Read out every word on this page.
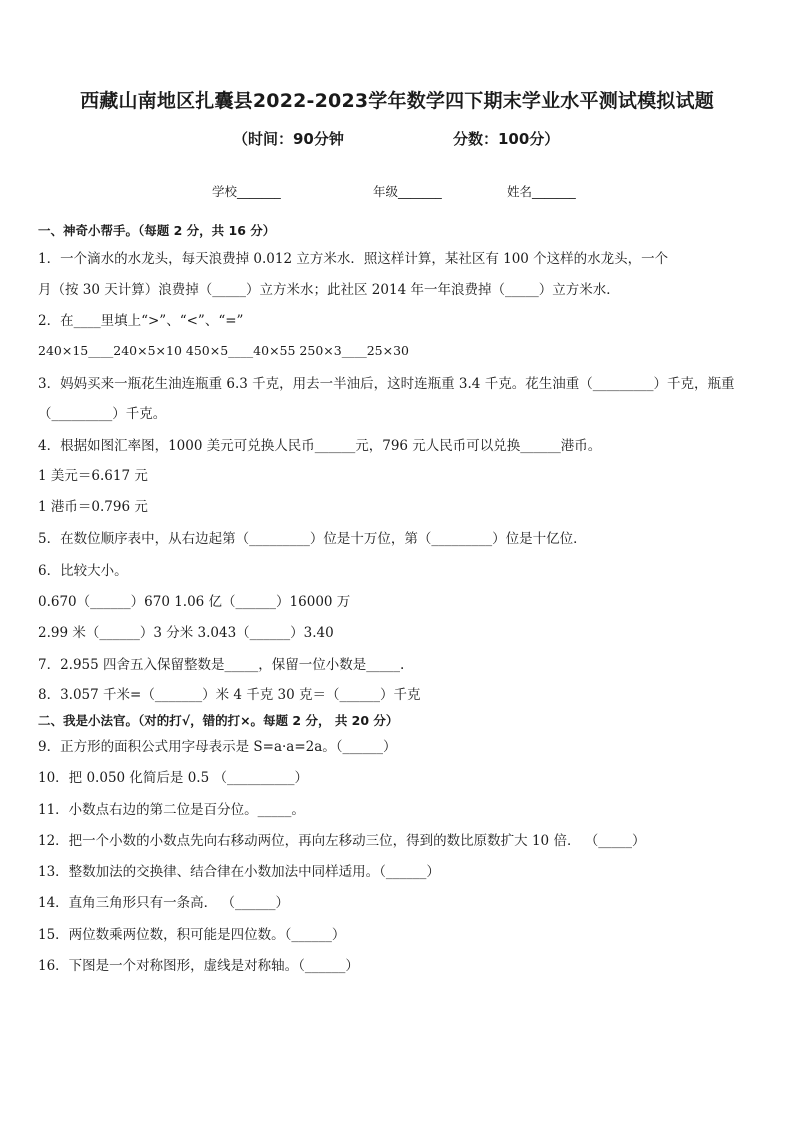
西藏山南地区扎囊县2022-2023学年数学四下期末学业水平测试模拟试题
（时间：90分钟	分数：100分）
学校_______	年级_______	姓名_______
一、神奇小帮手。（每题 2 分，共 16 分）
1．一个滴水的水龙头，每天浪费掉 0.012 立方米水．照这样计算，某社区有 100 个这样的水龙头，一个
月（按 30 天计算）浪费掉（_____）立方米水；此社区 2014 年一年浪费掉（_____）立方米水．
2．在____里填上“>”、“<”、“=”
240×15____240×5×10 450×5____40×55 250×3____25×30
3．妈妈买来一瓶花生油连瓶重 6.3 千克，用去一半油后，这时连瓶重 3.4 千克。花生油重（_________）千克，瓶重
（_________）千克。
4．根据如图汇率图，1000 美元可兑换人民币______元，796 元人民币可以兑换______港币。
1 美元＝6.617 元
1 港币＝0.796 元
5．在数位顺序表中，从右边起第（_________）位是十万位，第（_________）位是十亿位．
6．比较大小。
0.670（______）670 1.06 亿（______）16000 万
2.99 米（______）3 分米 3.043（______）3.40
7．2.955 四舍五入保留整数是_____，保留一位小数是_____.
8．3.057 千米=（_______）米 4 千克 30 克＝（______）千克
二、我是小法官。（对的打√，错的打×。每题 2 分， 共 20 分）
9．正方形的面积公式用字母表示是 S=a·a=2a。（______）
10．把 0.050 化简后是 0.5 （__________）
11．小数点右边的第二位是百分位。_____。
12．把一个小数的小数点先向右移动两位，再向左移动三位，得到的数比原数扩大 10 倍． （_____）
13．整数加法的交换律、结合律在小数加法中同样适用。（______）
14．直角三角形只有一条高． （______）
15．两位数乘两位数，积可能是四位数。（______）
16．下图是一个对称图形，虚线是对称轴。（______）
